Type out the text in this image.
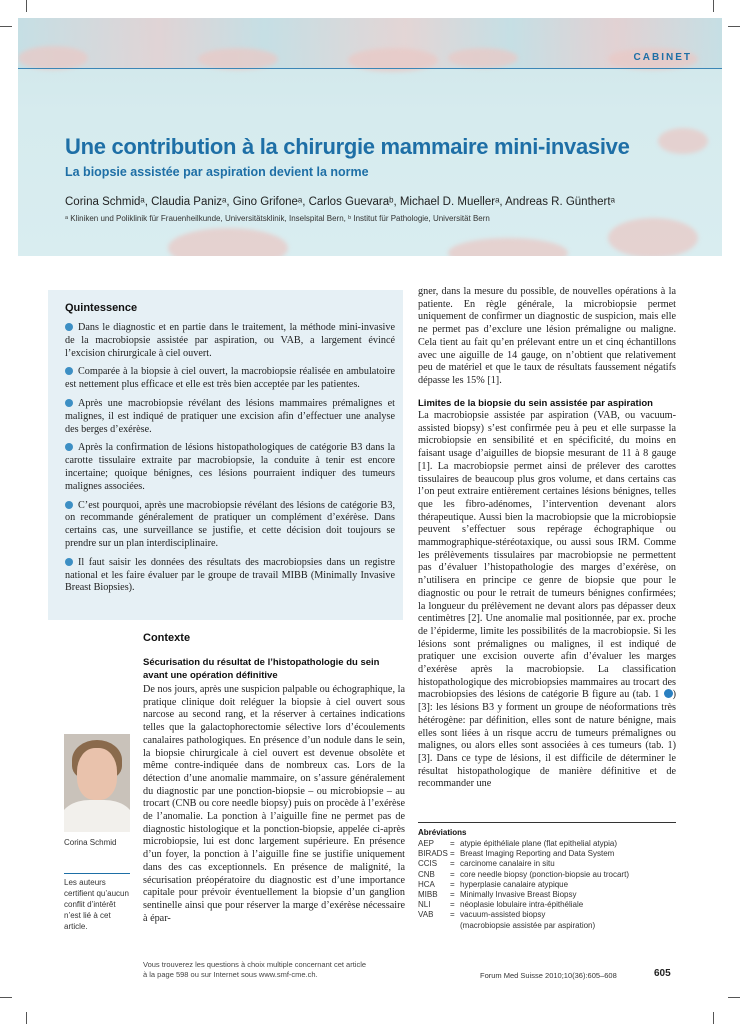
CABINET
Une contribution à la chirurgie mammaire mini-invasive
La biopsie assistée par aspiration devient la norme
Corina Schmidᵃ, Claudia Panizᵃ, Gino Grifoneᵃ, Carlos Guevaraᵇ, Michael D. Muellerᵃ, Andreas R. Günthertᵃ
ᵃ Kliniken und Poliklinik für Frauenheilkunde, Universitätsklinik, Inselspital Bern, ᵇ Institut für Pathologie, Universität Bern
Quintessence

Dans le diagnostic et en partie dans le traitement, la méthode mini-invasive de la macrobiopsie assistée par aspiration, ou VAB, a largement évincé l’excision chirurgicale à ciel ouvert.

Comparée à la biopsie à ciel ouvert, la macrobiopsie réalisée en ambulatoire est nettement plus efficace et elle est très bien acceptée par les patientes.

Après une macrobiopsie révélant des lésions mammaires prémalignes et malignes, il est indiqué de pratiquer une excision afin d’effectuer une analyse des berges d’exérèse.

Après la confirmation de lésions histopathologiques de catégorie B3 dans la carotte tissulaire extraite par macrobiopsie, la conduite à tenir est encore incertaine; quoique bénignes, ces lésions pourraient indiquer des tumeurs malignes associées.

C’est pourquoi, après une macrobiopsie révélant des lésions de catégorie B3, on recommande généralement de pratiquer un complément d’exérèse. Dans certains cas, une surveillance se justifie, et cette décision doit toujours se prendre sur un plan interdisciplinaire.

Il faut saisir les données des résultats des macrobiopsies dans un registre national et les faire évaluer par le groupe de travail MIBB (Minimally Invasive Breast Biopsies).

Contexte
Sécurisation du résultat de l’histopathologie du sein avant une opération définitive
De nos jours, après une suspicion palpable ou échographique, la pratique clinique doit reléguer la biopsie à ciel ouvert sous narcose au second rang, et la réserver à certaines indications telles que la galactophorectomie sélective lors d’écoulements canalaires pathologiques. En présence d’un nodule dans le sein, la biopsie chirurgicale à ciel ouvert est devenue obsolète et même contre-indiquée dans de nombreux cas. Lors de la détection d’une anomalie mammaire, on s’assure généralement du diagnostic par une ponction-biopsie – ou microbiopsie – au trocart (CNB ou core needle biopsy) puis on procède à l’exérèse de l’anomalie. La ponction à l’aiguille fine ne permet pas de diagnostic histologique et la ponction-biopsie, appelée ci-après microbiopsie, lui est donc largement supérieure. En présence d’un foyer, la ponction à l’aiguille fine se justifie uniquement dans des cas exceptionnels. En présence de malignité, la sécurisation préopératoire du diagnostic est d’une importance capitale pour prévoir éventuellement la biopsie d’un ganglion sentinelle ainsi que pour réserver la marge d’exérèse nécessaire à épar-
Corina Schmid
Les auteurs certifient qu’aucun conflit d’intérêt n’est lié à cet article.
gner, dans la mesure du possible, de nouvelles opérations à la patiente. En règle générale, la microbiopsie permet uniquement de confirmer un diagnostic de suspicion, mais elle ne permet pas d’exclure une lésion prémaligne ou maligne. Cela tient au fait qu’en prélevant entre un et cinq échantillons avec une aiguille de 14 gauge, on n’obtient que relativement peu de matériel et que le taux de résultats faussement négatifs dépasse les 15% [1].
Limites de la biopsie du sein assistée par aspiration
La macrobiopsie assistée par aspiration (VAB, ou vacuum-assisted biopsy) s’est confirmée peu à peu et elle surpasse la microbiopsie en sensibilité et en spécificité, du moins en faisant usage d’aiguilles de biopsie mesurant de 11 à 8 gauge [1]. La macrobiopsie permet ainsi de prélever des carottes tissulaires de beaucoup plus gros volume, et dans certains cas l’on peut extraire entièrement certaines lésions bénignes, telles que les fibro-adénomes, l’intervention devenant alors thérapeutique. Aussi bien la macrobiopsie que la microbiopsie peuvent s’effectuer sous repérage échographique ou mammographique-stéréotaxique, ou aussi sous IRM. Comme les prélèvements tissulaires par macrobiopsie ne permettent pas d’évaluer l’histopathologie des marges d’exérèse, on n’utilisera en principe ce genre de biopsie que pour le diagnostic ou pour le retrait de tumeurs bénignes confirmées; la longueur du prélèvement ne devant alors pas dépasser deux centimètres [2]. Une anomalie mal positionnée, par ex. proche de l’épiderme, limite les possibilités de la macrobiopsie. Si les lésions sont prémalignes ou malignes, il est indiqué de pratiquer une excision ouverte afin d’évaluer les marges d’exérèse après la macrobiopsie. La classification histopathologique des microbiopsies mammaires au trocart des macrobiopsies des lésions de catégorie B figure au (tab. 1 ) [3]: les lésions B3 y forment un groupe de néoformations très hétérogène: par définition, elles sont de nature bénigne, mais elles sont liées à un risque accru de tumeurs prémalignes ou malignes, ou alors elles sont associées à ces tumeurs (tab. 1) [3]. Dans ce type de lésions, il est difficile de déterminer le résultat histopathologique de manière définitive et de recommander une
Abréviations
AEP	= atypie épithéliale plane (flat epithelial atypia)
BIRADS = Breast Imaging Reporting and Data System
CCIS	= carcinome canalaire in situ
CNB	= core needle biopsy (ponction-biopsie au trocart)
HCA	= hyperplasie canalaire atypique
MIBB	= Minimally Invasive Breast Biopsy
NLI	= néoplasie lobulaire intra-épithéliale
VAB	= vacuum-assisted biopsy
(macrobiopsie assistée par aspiration)
Vous trouverez les questions à choix multiple concernant cet article
à la page 598 ou sur Internet sous www.smf-cme.ch.	Forum Med Suisse 2010;10(36):605–608	605
